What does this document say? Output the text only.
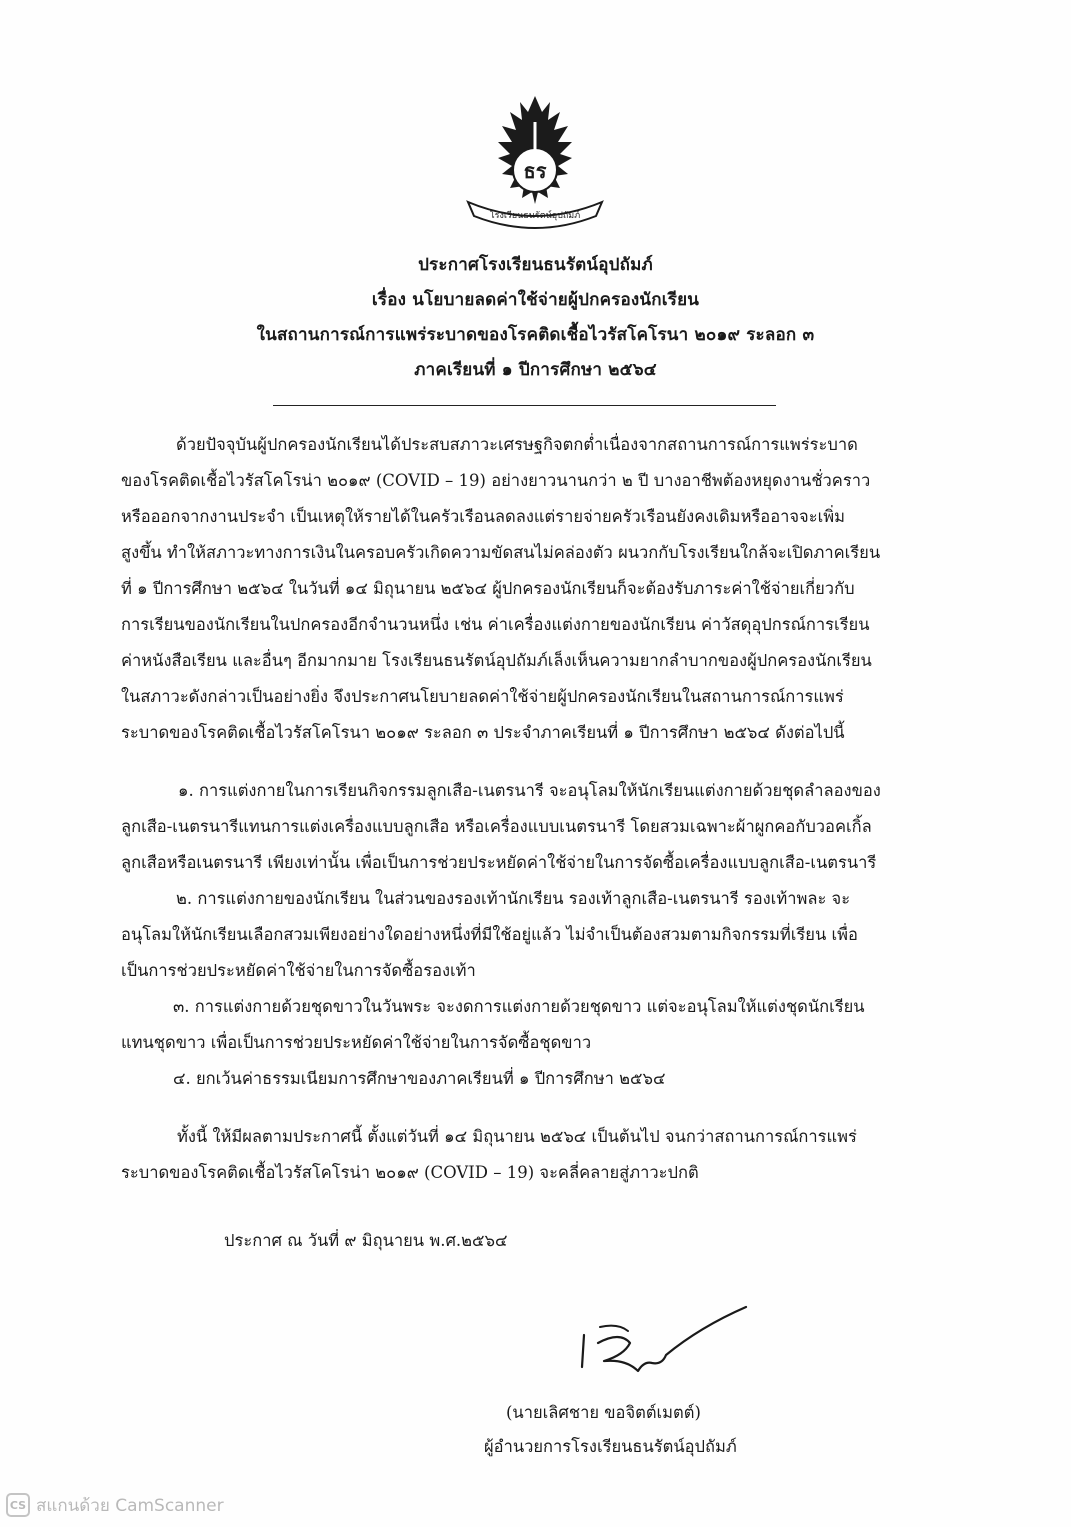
ธร
โรงเรียนธนรัตน์อุปถัมภ์
ประกาศโรงเรียนธนรัตน์อุปถัมภ์
เรื่อง นโยบายลดค่าใช้จ่ายผู้ปกครองนักเรียน
ในสถานการณ์การแพร่ระบาดของโรคติดเชื้อไวรัสโคโรนา ๒๐๑๙ ระลอก ๓
ภาคเรียนที่ ๑ ปีการศึกษา ๒๕๖๔
ด้วยปัจจุบันผู้ปกครองนักเรียนได้ประสบสภาวะเศรษฐกิจตกต่ำเนื่องจากสถานการณ์การแพร่ระบาด
ของโรคติดเชื้อไวรัสโคโรน่า ๒๐๑๙ (COVID – 19) อย่างยาวนานกว่า ๒ ปี บางอาชีพต้องหยุดงานชั่วคราว
หรือออกจากงานประจำ เป็นเหตุให้รายได้ในครัวเรือนลดลงแต่รายจ่ายครัวเรือนยังคงเดิมหรืออาจจะเพิ่ม
สูงขึ้น ทำให้สภาวะทางการเงินในครอบครัวเกิดความขัดสนไม่คล่องตัว ผนวกกับโรงเรียนใกล้จะเปิดภาคเรียน
ที่ ๑ ปีการศึกษา ๒๕๖๔ ในวันที่ ๑๔ มิถุนายน ๒๕๖๔ ผู้ปกครองนักเรียนก็จะต้องรับภาระค่าใช้จ่ายเกี่ยวกับ
การเรียนของนักเรียนในปกครองอีกจำนวนหนึ่ง เช่น ค่าเครื่องแต่งกายของนักเรียน ค่าวัสดุอุปกรณ์การเรียน
ค่าหนังสือเรียน และอื่นๆ อีกมากมาย โรงเรียนธนรัตน์อุปถัมภ์เล็งเห็นความยากลำบากของผู้ปกครองนักเรียน
ในสภาวะดังกล่าวเป็นอย่างยิ่ง จึงประกาศนโยบายลดค่าใช้จ่ายผู้ปกครองนักเรียนในสถานการณ์การแพร่
ระบาดของโรคติดเชื้อไวรัสโคโรนา ๒๐๑๙ ระลอก ๓ ประจำภาคเรียนที่ ๑ ปีการศึกษา ๒๕๖๔ ดังต่อไปนี้
๑. การแต่งกายในการเรียนกิจกรรมลูกเสือ-เนตรนารี จะอนุโลมให้นักเรียนแต่งกายด้วยชุดลำลองของ
ลูกเสือ-เนตรนารีแทนการแต่งเครื่องแบบลูกเสือ หรือเครื่องแบบเนตรนารี โดยสวมเฉพาะผ้าผูกคอกับวอคเกิ้ล
ลูกเสือหรือเนตรนารี เพียงเท่านั้น เพื่อเป็นการช่วยประหยัดค่าใช้จ่ายในการจัดซื้อเครื่องแบบลูกเสือ-เนตรนารี
๒. การแต่งกายของนักเรียน ในส่วนของรองเท้านักเรียน รองเท้าลูกเสือ-เนตรนารี รองเท้าพละ จะ
อนุโลมให้นักเรียนเลือกสวมเพียงอย่างใดอย่างหนึ่งที่มีใช้อยู่แล้ว ไม่จำเป็นต้องสวมตามกิจกรรมที่เรียน เพื่อ
เป็นการช่วยประหยัดค่าใช้จ่ายในการจัดซื้อรองเท้า
๓. การแต่งกายด้วยชุดขาวในวันพระ จะงดการแต่งกายด้วยชุดขาว แต่จะอนุโลมให้แต่งชุดนักเรียน
แทนชุดขาว เพื่อเป็นการช่วยประหยัดค่าใช้จ่ายในการจัดซื้อชุดขาว
๔. ยกเว้นค่าธรรมเนียมการศึกษาของภาคเรียนที่ ๑ ปีการศึกษา ๒๕๖๔
ทั้งนี้ ให้มีผลตามประกาศนี้ ตั้งแต่วันที่ ๑๔ มิถุนายน ๒๕๖๔ เป็นต้นไป จนกว่าสถานการณ์การแพร่
ระบาดของโรคติดเชื้อไวรัสโคโรน่า ๒๐๑๙ (COVID – 19) จะคลี่คลายสู่ภาวะปกติ
ประกาศ ณ วันที่ ๙ มิถุนายน พ.ศ.๒๕๖๔
(นายเลิศชาย ขอจิตต์เมตต์)
ผู้อำนวยการโรงเรียนธนรัตน์อุปถัมภ์
CS สแกนด้วย CamScanner
